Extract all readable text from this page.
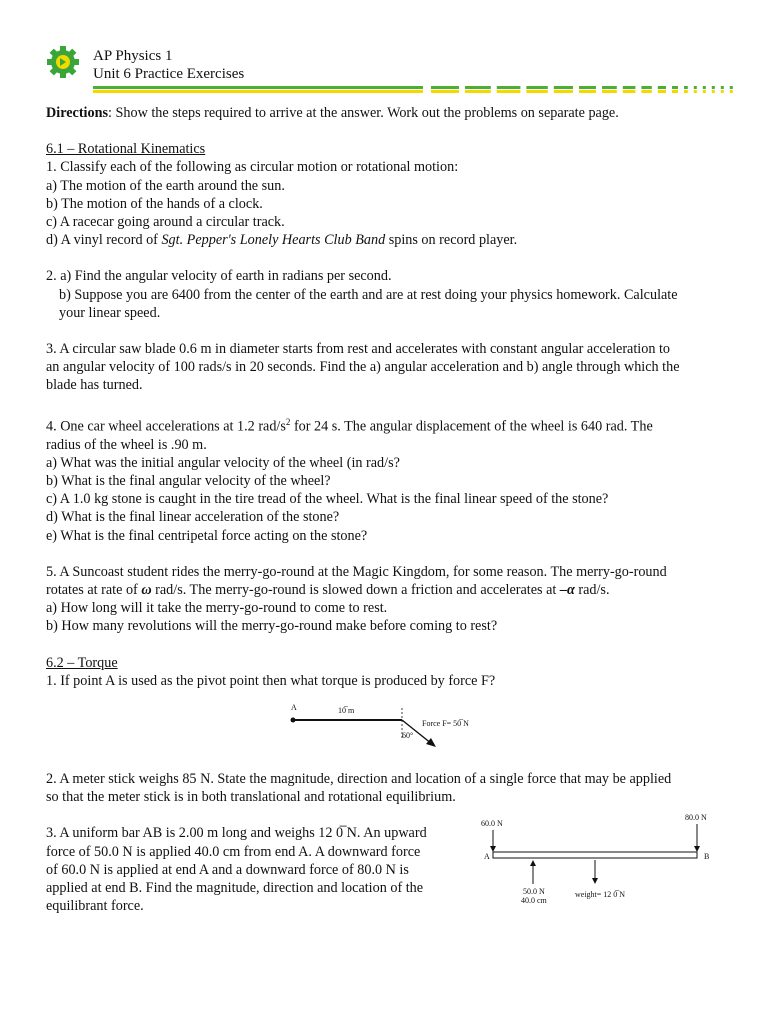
AP Physics 1
Unit 6 Practice Exercises

Directions: Show the steps required to arrive at the answer. Work out the problems on separate page.

6.1 – Rotational Kinematics

1. Classify each of the following as circular motion or rotational motion:

a) The motion of the earth around the sun.

b) The motion of the hands of a clock.

c) A racecar going around a circular track.

d) A vinyl record of Sgt. Pepper's Lonely Hearts Club Band spins on record player.

2. a) Find the angular velocity of earth in radians per second.

b) Suppose you are 6400 from the center of the earth and are at rest doing your physics homework. Calculate

your linear speed.

3. A circular saw blade 0.6 m in diameter starts from rest and accelerates with constant angular acceleration to

an angular velocity of 100 rads/s in 20 seconds. Find the a) angular acceleration and b) angle through which the

blade has turned.

4. One car wheel accelerations at 1.2 rad/$s^2$ for 24 s. The angular displacement of the wheel is 640 rad. The

radius of the wheel is .90 m.

a) What was the initial angular velocity of the wheel (in rad/s?

b) What is the final angular velocity of the wheel?

c) A 1.0 kg stone is caught in the tire tread of the wheel. What is the final linear speed of the stone?

d) What is the final linear acceleration of the stone?

e) What is the final centripetal force acting on the stone?

5. A Suncoast student rides the merry-go-round at the Magic Kingdom, for some reason. The merry-go-round

rotates at rate of ω rad/s. The merry-go-round is slowed down a friction and accelerates at –α rad/s.

a) How long will it take the merry-go-round to come to rest.

b) How many revolutions will the merry-go-round make before coming to rest?

6.2 – Torque

1. If point A is used as the pivot point then what torque is produced by force F?

A	10̅ m
Force F= 50̅ N
60°

2. A meter stick weighs 85 N. State the magnitude, direction and location of a single force that may be applied

so that the meter stick is in both translational and rotational equilibrium.

3. A uniform bar AB is 2.00 m long and weighs 12 0̅ N. An upward

force of 50.0 N is applied 40.0 cm from end A. A downward force

of 60.0 N is applied at end A and a downward force of 80.0 N is

applied at end B. Find the magnitude, direction and location of the

equilibrant force.

60.0 N
80.0 N
A	B
50.0 N
40.0 cm
weight= 12 0̅ N
